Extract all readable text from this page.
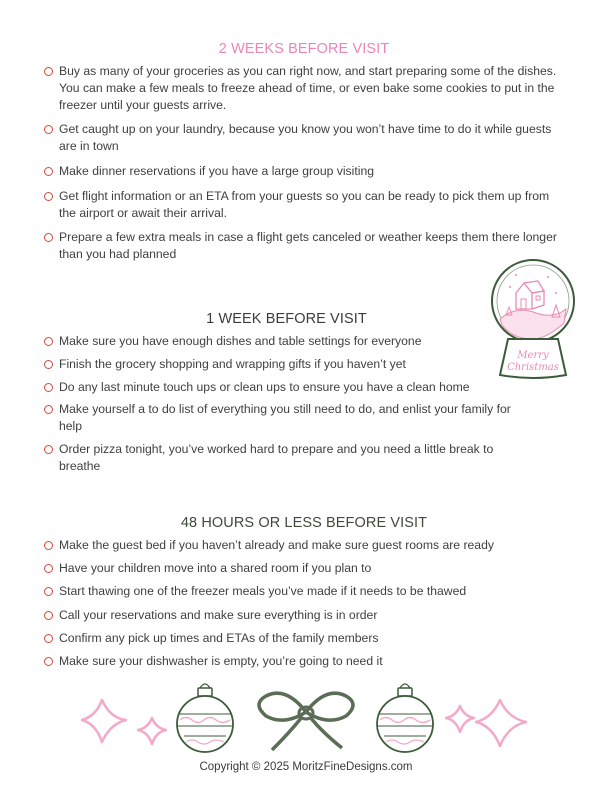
2 WEEKS BEFORE VISIT
Buy as many of your groceries as you can right now, and start preparing some of the dishes. You can make a few meals to freeze ahead of time, or even bake some cookies to put in the freezer until your guests arrive.
Get caught up on your laundry, because you know you won’t have time to do it while guests are in town
Make dinner reservations if you have a large group visiting
Get flight information or an ETA from your guests so you can be ready to pick them up from the airport or await their arrival.
Prepare a few extra meals in case a flight gets canceled or weather keeps them there longer than you had planned
1 WEEK BEFORE VISIT
Make sure you have enough dishes and table settings for everyone
Finish the grocery shopping and wrapping gifts if you haven’t yet
Do any last minute touch ups or clean ups to ensure you have a clean home
Make yourself a to do list of everything you still need to do, and enlist your family for help
Order pizza tonight, you’ve worked hard to prepare and you need a little break to breathe
Merry
Christmas
48 HOURS OR LESS BEFORE VISIT
Make the guest bed if you haven’t already and make sure guest rooms are ready
Have your children move into a shared room if you plan to
Start thawing one of the freezer meals you’ve made if it needs to be thawed
Call your reservations and make sure everything is in order
Confirm any pick up times and ETAs of the family members
Make sure your dishwasher is empty, you’re going to need it
Copyright © 2025 MoritzFineDesigns.com
